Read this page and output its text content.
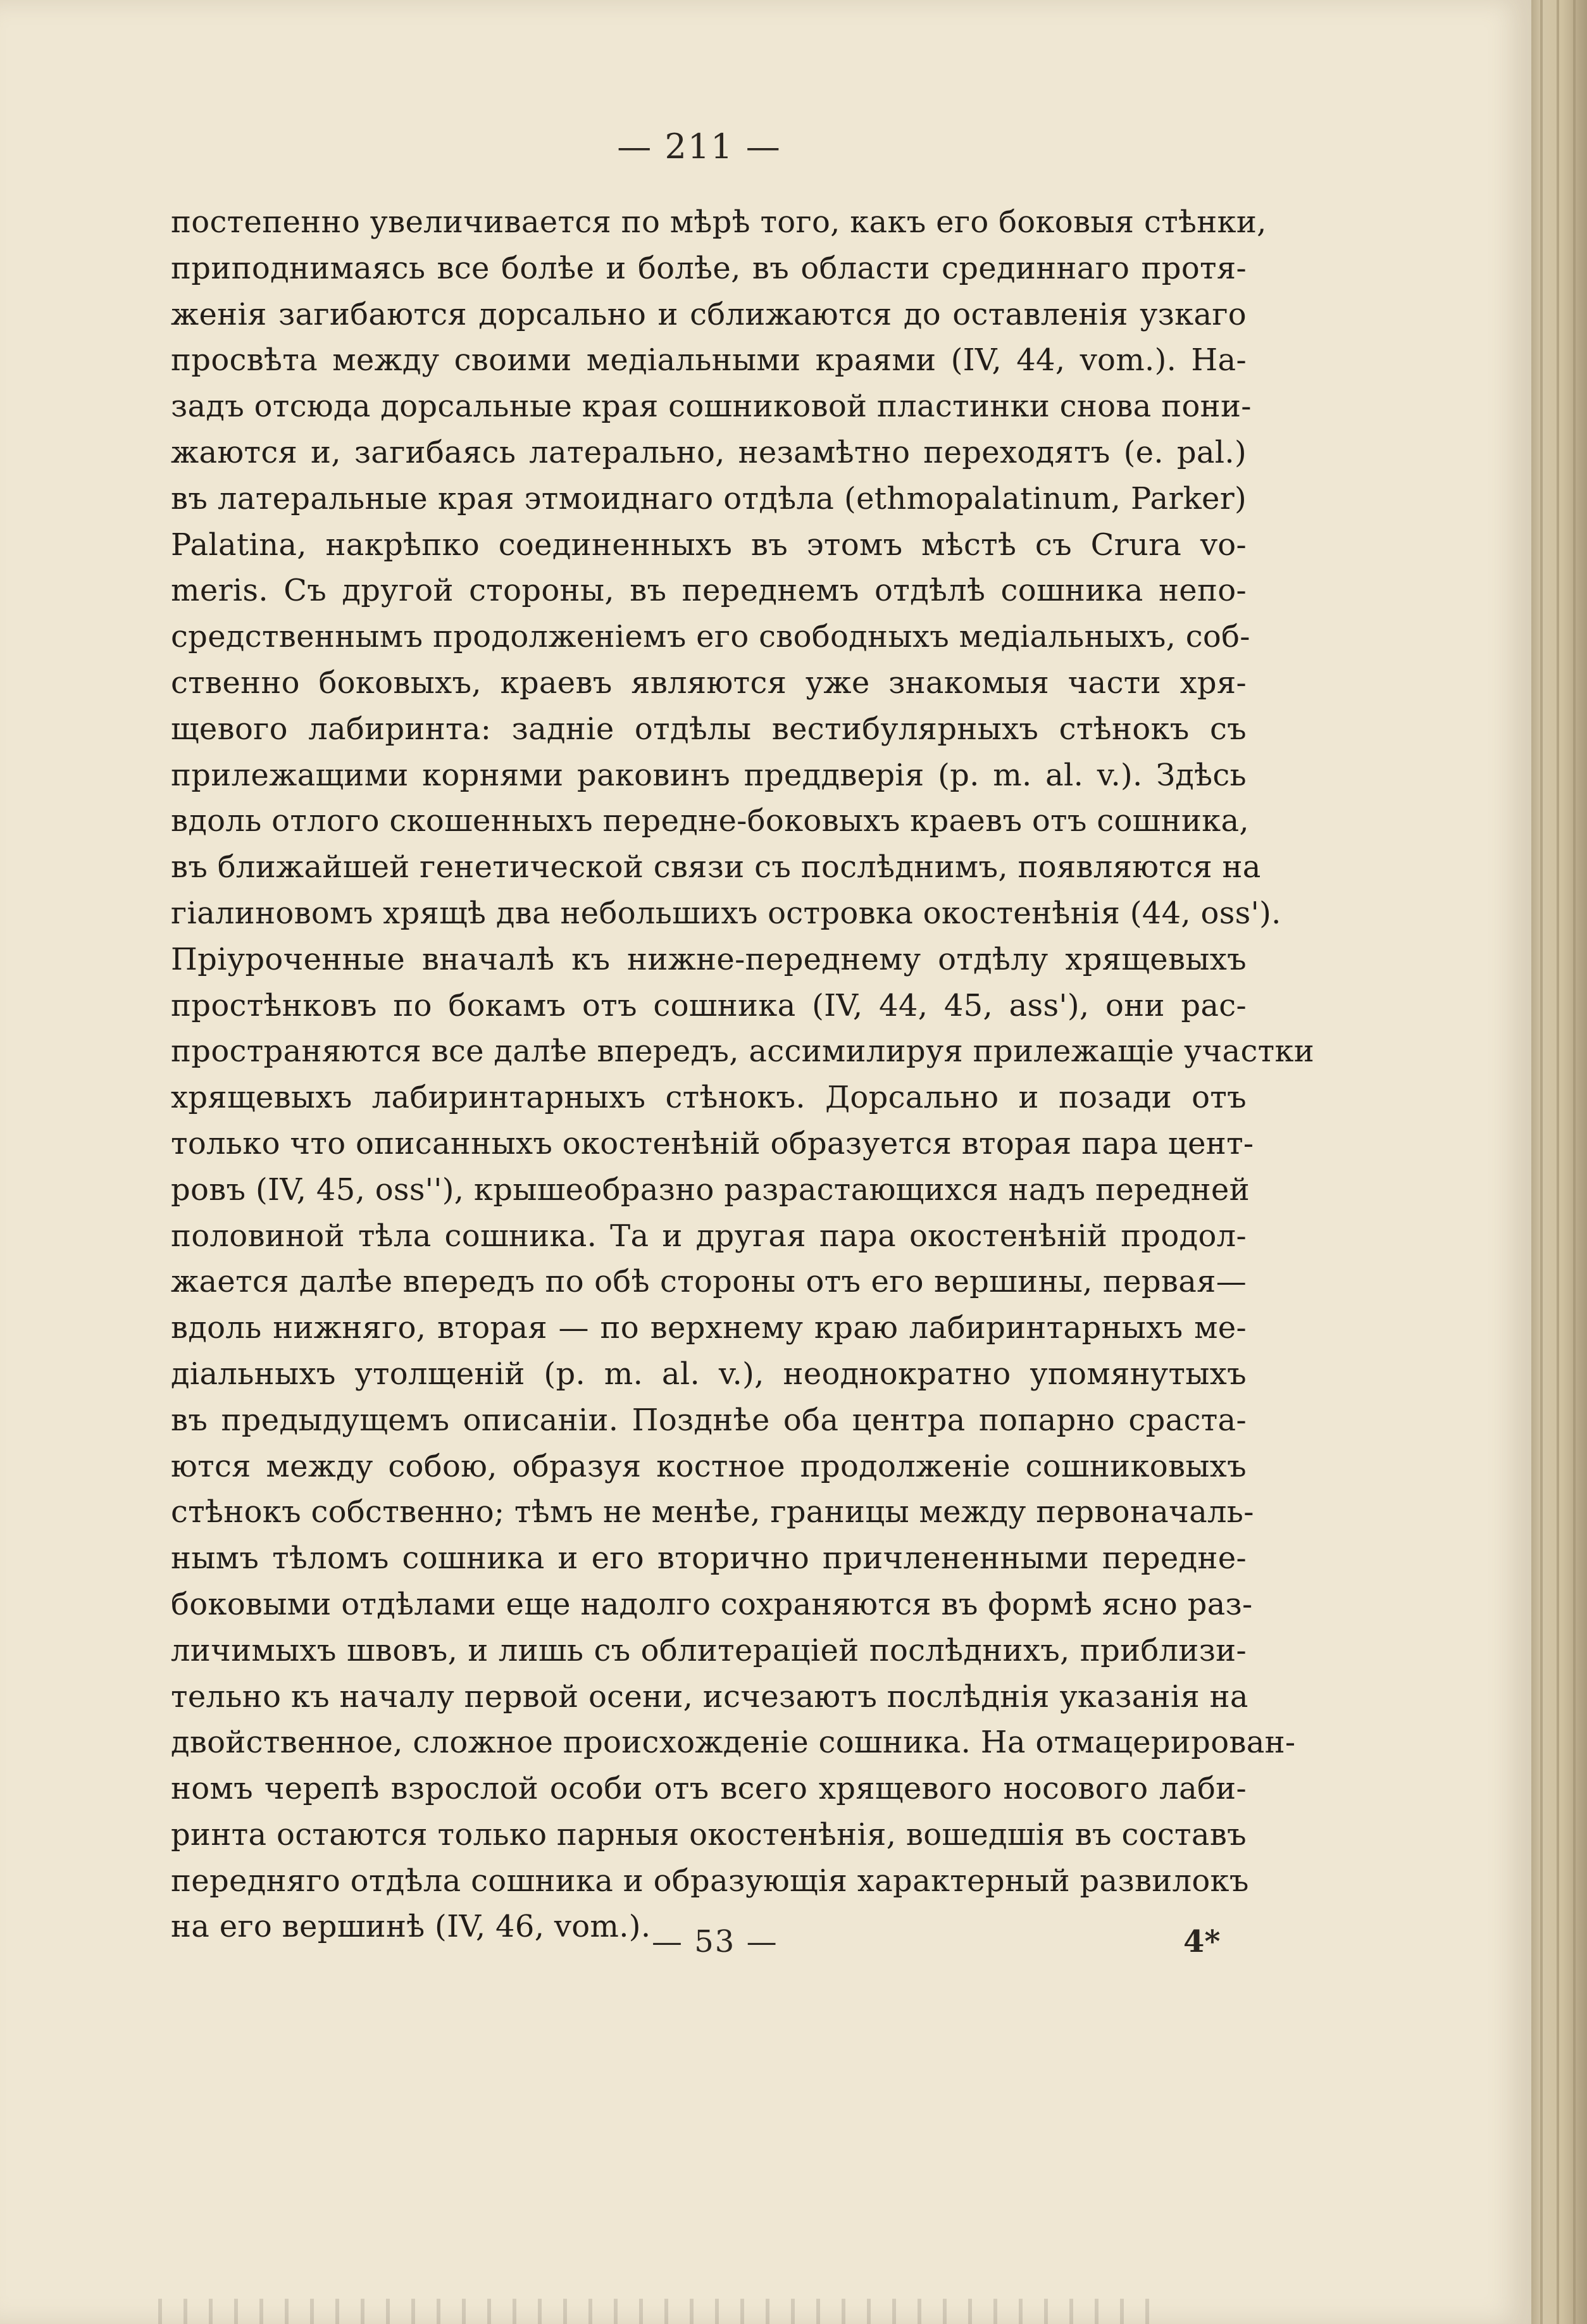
— 211 —
постепенно увеличивается по мѣрѣ того, какъ его боковыя стѣнки,
приподнимаясь все болѣе и болѣе, въ области срединнаго протя-
женія загибаются дорсально и сближаются до оставленія узкаго
просвѣта между своими медіальными краями (IV, 44, vom.). На-
задъ отсюда дорсальные края сошниковой пластинки снова пони-
жаются и, загибаясь латерально, незамѣтно переходятъ (e. pal.)
въ латеральные края этмоиднаго отдѣла (ethmopalatinum, Parker)
Palatina, накрѣпко соединенныхъ въ этомъ мѣстѣ съ Crura vo-
meris. Съ другой стороны, въ переднемъ отдѣлѣ сошника непо-
средственнымъ продолженіемъ его свободныхъ медіальныхъ, соб-
ственно боковыхъ, краевъ являются уже знакомыя части хря-
щевого лабиринта: задніе отдѣлы вестибулярныхъ стѣнокъ съ
прилежащими корнями раковинъ преддверія (p. m. al. v.). Здѣсь
вдоль отлого скошенныхъ передне-боковыхъ краевъ отъ сошника,
въ ближайшей генетической связи съ послѣднимъ, появляются на
гіалиновомъ хрящѣ два небольшихъ островка окостенѣнія (44, oss').
Пріуроченные вначалѣ къ нижне-переднему отдѣлу хрящевыхъ
простѣнковъ по бокамъ отъ сошника (IV, 44, 45, ass'), они рас-
пространяются все далѣе впередъ, ассимилируя прилежащіе участки
хрящевыхъ лабиринтарныхъ стѣнокъ. Дорсально и позади отъ
только что описанныхъ окостенѣній образуется вторая пара цент-
ровъ (IV, 45, oss''), крышеобразно разрастающихся надъ передней
половиной тѣла сошника. Та и другая пара окостенѣній продол-
жается далѣе впередъ по обѣ стороны отъ его вершины, первая—
вдоль нижняго, вторая — по верхнему краю лабиринтарныхъ ме-
діальныхъ утолщеній (p. m. al. v.), неоднократно упомянутыхъ
въ предыдущемъ описаніи. Позднѣе оба центра попарно сраста-
ются между собою, образуя костное продолженіе сошниковыхъ
стѣнокъ собственно; тѣмъ не менѣе, границы между первоначаль-
нымъ тѣломъ сошника и его вторично причлененными передне-
боковыми отдѣлами еще надолго сохраняются въ формѣ ясно раз-
личимыхъ швовъ, и лишь съ облитераціей послѣднихъ, приблизи-
тельно къ началу первой осени, исчезаютъ послѣднія указанія на
двойственное, сложное происхожденіе сошника. На отмацерирован-
номъ черепѣ взрослой особи отъ всего хрящевого носового лаби-
ринта остаются только парныя окостенѣнія, вошедшія въ составъ
передняго отдѣла сошника и образующія характерный развилокъ
на его вершинѣ (IV, 46, vom.). — 53 —	4*
